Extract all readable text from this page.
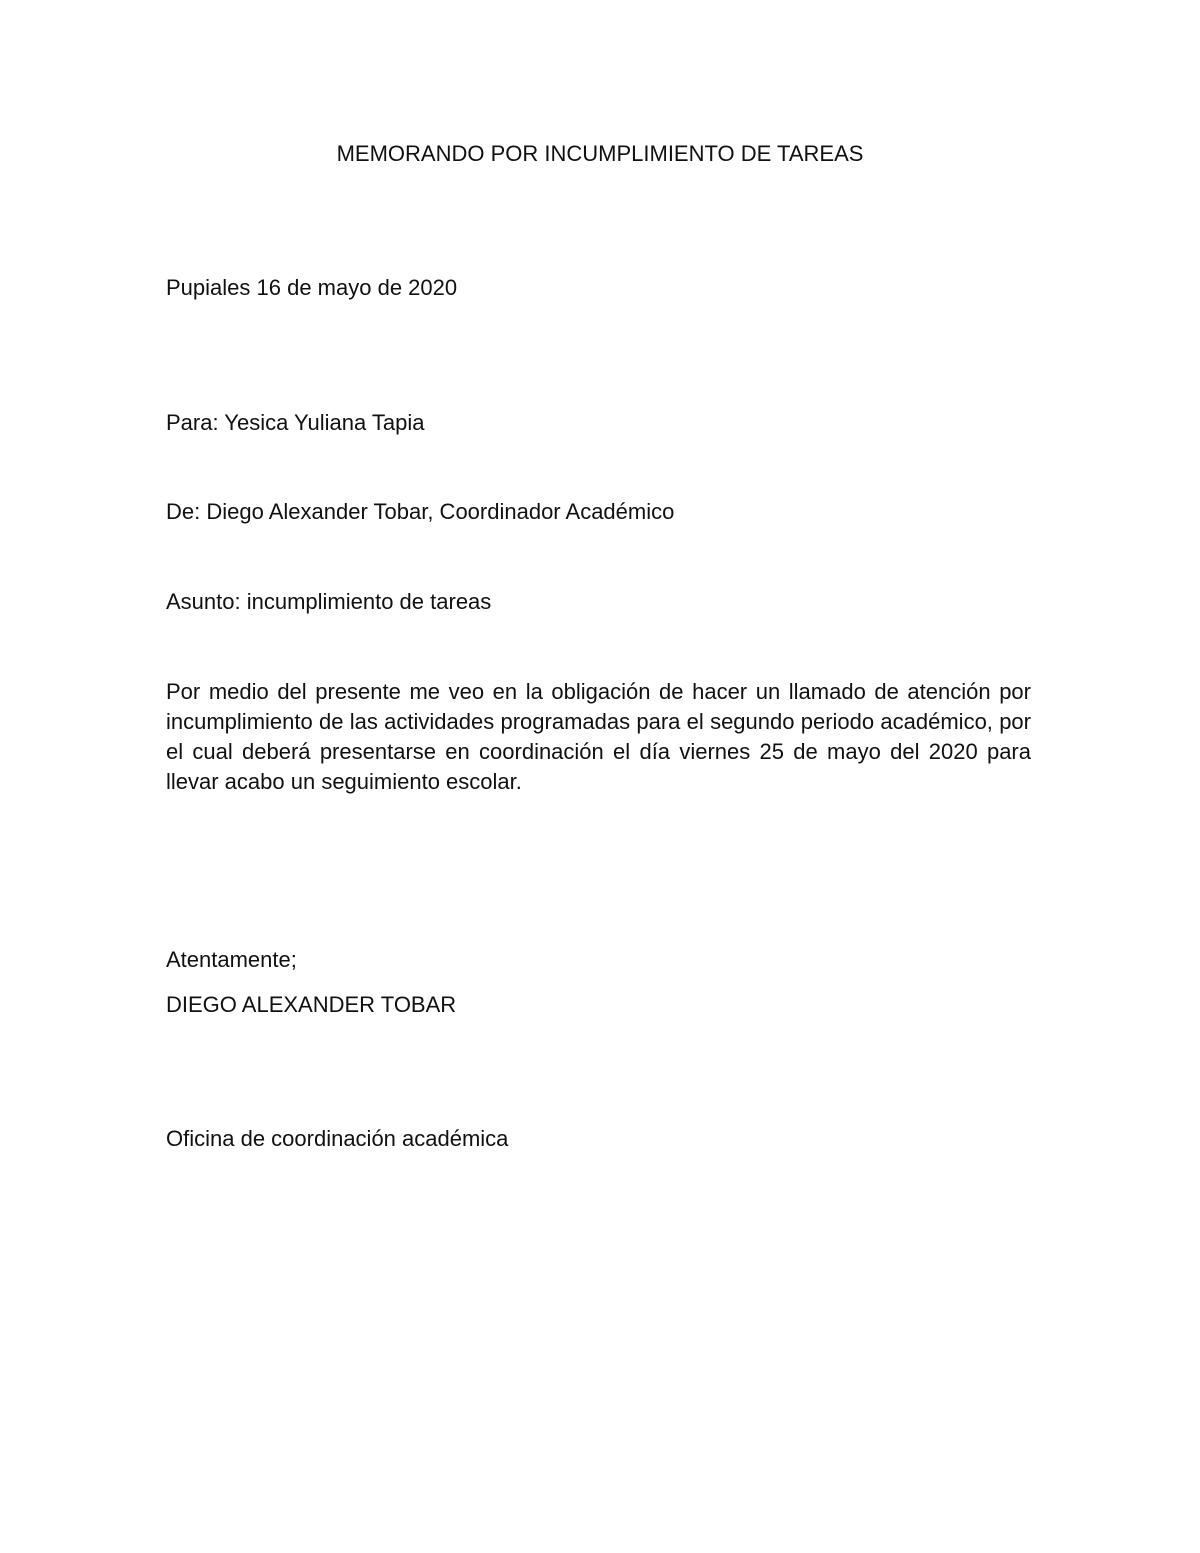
MEMORANDO POR INCUMPLIMIENTO DE TAREAS
Pupiales 16 de mayo de 2020
Para: Yesica Yuliana Tapia
De: Diego Alexander Tobar, Coordinador Académico
Asunto: incumplimiento de tareas
Por medio del presente me veo en la obligación de hacer un llamado de atención por incumplimiento de las actividades programadas para el segundo periodo académico, por el cual deberá presentarse en coordinación el día viernes 25 de mayo del 2020 para llevar acabo un seguimiento escolar.
Atentamente;
DIEGO ALEXANDER TOBAR
Oficina de coordinación académica
